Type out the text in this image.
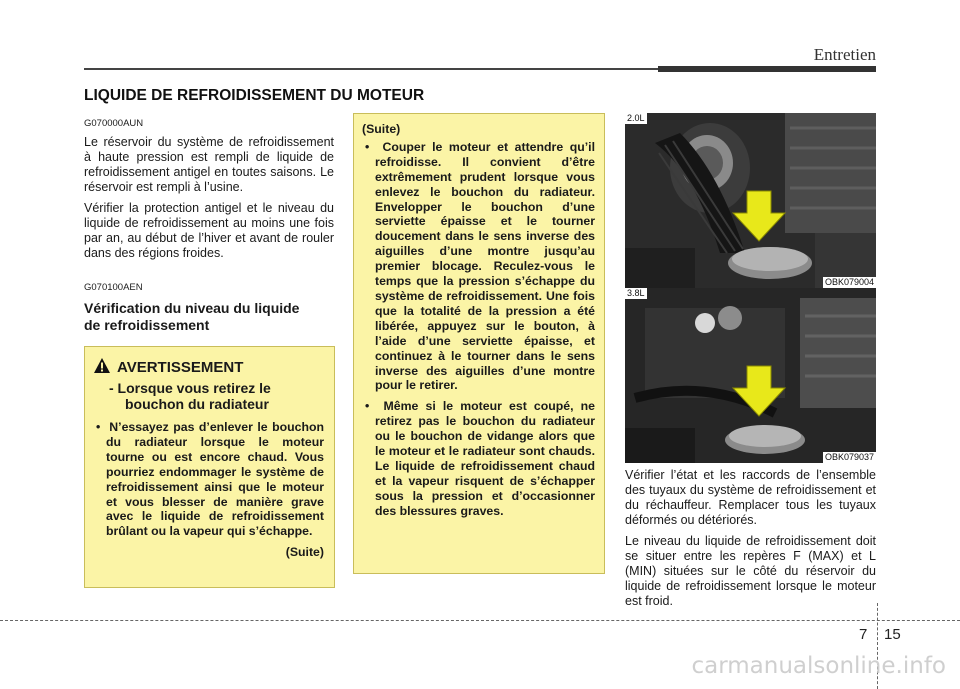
Entretien
LIQUIDE DE REFROIDISSEMENT DU MOTEUR
G070000AUN

Le réservoir du système de refroidissement à haute pression est rempli de liquide de refroidissement antigel en toutes saisons. Le réservoir est rempli à l’usine.

Vérifier la protection antigel et le niveau du liquide de refroidissement au moins une fois par an, au début de l’hiver et avant de rouler dans des régions froides.

G070100AEN
Vérification du niveau du liquide
de refroidissement
AVERTISSEMENT
- Lorsque vous retirez le
bouchon du radiateur
•  N’essayez pas d’enlever le bouchon du radiateur lorsque le moteur tourne ou est encore chaud. Vous pourriez endommager le système de refroidissement ainsi que le moteur et vous blesser de manière grave avec le liquide de refroidissement brûlant ou la vapeur qui s’échappe.
(Suite)
(Suite)
•  Couper le moteur et attendre qu’il refroidisse. Il convient d’être extrêmement prudent lorsque vous enlevez le bouchon du radiateur. Envelopper le bouchon d’une serviette épaisse et le tourner doucement dans le sens inverse des aiguilles d’une montre jusqu’au premier blocage. Reculez-vous le temps que la pression s’échappe du système de refroidissement. Une fois que la totalité de la pression a été libérée, appuyez sur le bouton, à l’aide d’une serviette épaisse, et continuez à le tourner dans le sens inverse des aiguilles d’une montre pour le retirer.
•  Même si le moteur est coupé, ne retirez pas le bouchon du radiateur ou le bouchon de vidange alors que le moteur et le radiateur sont chauds. Le liquide de refroidissement chaud et la vapeur risquent de s’échapper sous la pression et d’occasionner des blessures graves.
2.0L
OBK079004
3.8L
OBK079037

Vérifier l’état et les raccords de l’ensemble des tuyaux du système de refroidissement et du réchauffeur. Remplacer tous les tuyaux déformés ou détériorés.

Le niveau du liquide de refroidissement doit se situer entre les repères F (MAX) et L (MIN) situées sur le côté du réservoir du liquide de refroidissement lorsque le moteur est froid.

7 15
carmanualsonline.info
